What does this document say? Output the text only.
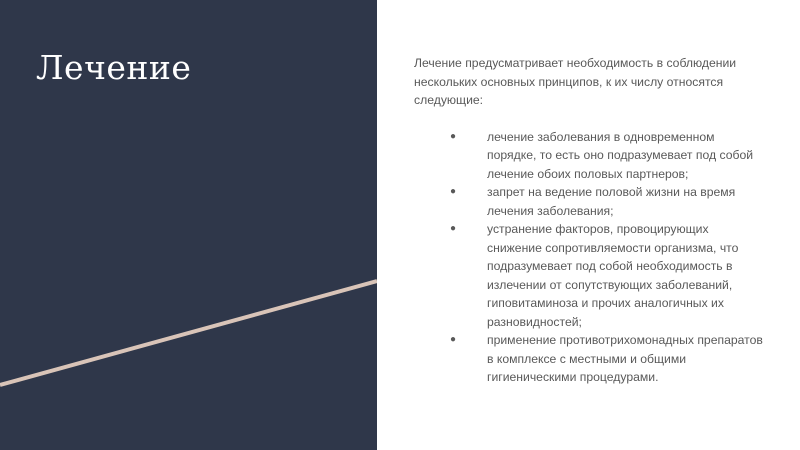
Лечение	Лечение предусматривает необходимость в соблюдении нескольких основных принципов, к их числу относятся следующие:

●	лечение заболевания в одновременном порядке, то есть оно подразумевает под собой лечение обоих половых партнеров;
●	запрет на ведение половой жизни на время лечения заболевания;
●	устранение факторов, провоцирующих снижение сопротивляемости организма, что подразумевает под собой необходимость в излечении от сопутствующих заболеваний, гиповитаминоза и прочих аналогичных их разновидностей;
●	применение противотрихомонадных препаратов в комплексе с местными и общими гигиеническими процедурами.
